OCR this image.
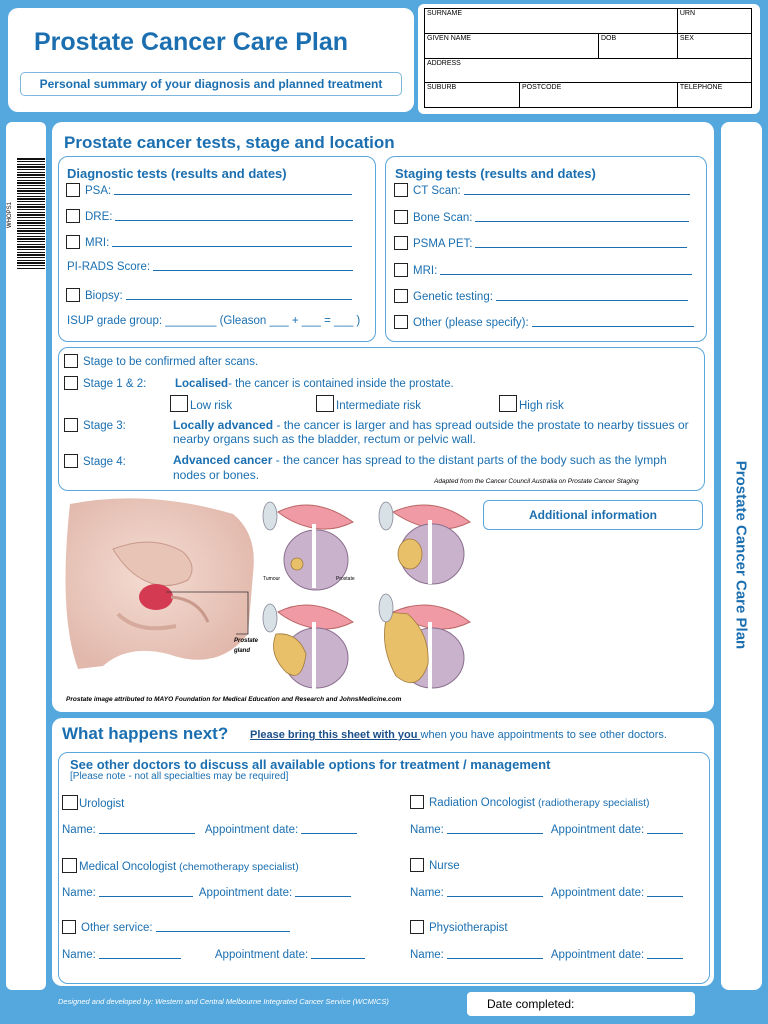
Prostate Cancer Care Plan
Personal summary of your diagnosis and planned treatment
SURNAME			URN
GIVEN NAME		DOB	SEX
ADDRESS			
SUBURB	POSTCODE		TELEPHONE
WHOPS1
Prostate Cancer Care Plan
Prostate cancer tests, stage and location
Diagnostic tests (results and dates)
PSA:
DRE:
MRI:
PI-RADS Score:
Biopsy:
ISUP grade group: ________ (Gleason ___ + ___ = ___ )
Staging tests (results and dates)
CT Scan:
Bone Scan:
PSMA PET:
MRI:
Genetic testing:
Other (please specify):
Stage to be confirmed after scans.
Stage 1 & 2:	Localised - the cancer is contained inside the prostate.
Low risk	Intermediate risk	High risk
Stage 3:	Locally advanced - the cancer is larger and has spread outside the prostate to nearby tissues or nearby organs such as the bladder, rectum or pelvic wall.
Stage 4:	Advanced cancer - the cancer has spread to the distant parts of the body such as the lymph nodes or bones.	Adapted from the Cancer Council Australia on Prostate Cancer Staging
Prostate
gland
Tumour	Prostate
Additional information
Prostate image attributed to MAYO Foundation for Medical Education and Research and JohnsMedicine.com
What happens next? Please bring this sheet with you when you have appointments to see other doctors.
See other doctors to discuss all available options for treatment / management
[Please note - not all specialties may be required]
Urologist
Name:	Appointment date:
Radiation Oncologist (radiotherapy specialist)
Name:	Appointment date:
Medical Oncologist (chemotherapy specialist)
Name:	Appointment date:
Nurse
Name:	Appointment date:
Other service:
Name:	Appointment date:
Physiotherapist
Name:	Appointment date:
Designed and developed by: Western and Central Melbourne Integrated Cancer Service (WCMICS)	Date completed:
